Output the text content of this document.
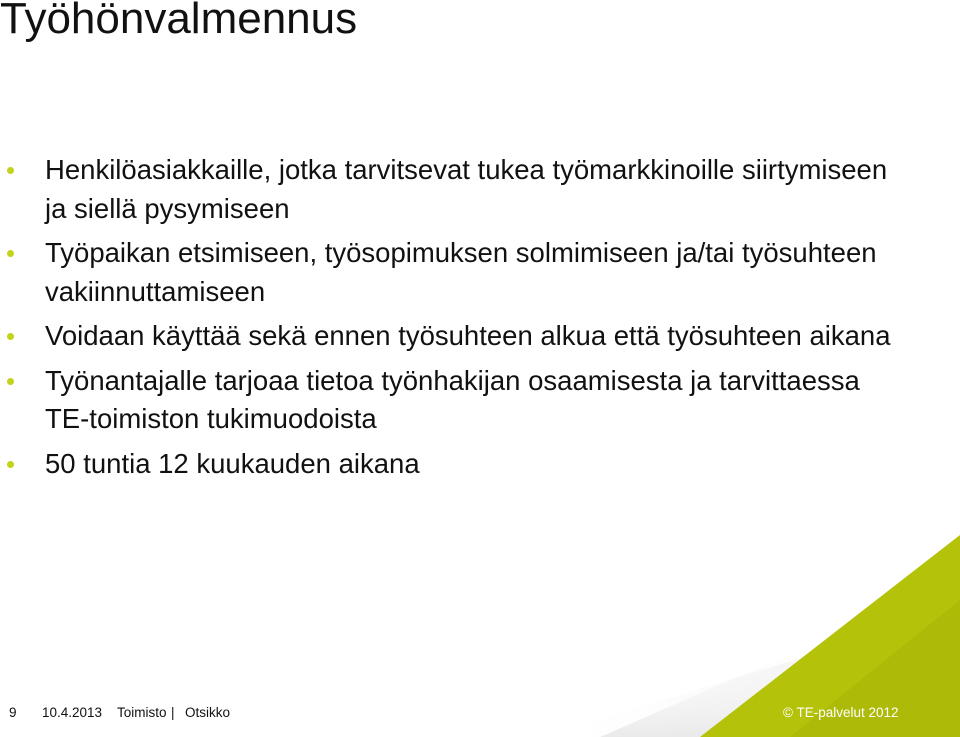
Työhönvalmennus
Henkilöasiakkaille, jotka tarvitsevat tukea työmarkkinoille siirtymiseen ja siellä pysymiseen
Työpaikan etsimiseen, työsopimuksen solmimiseen ja/tai työsuhteen vakiinnuttamiseen
Voidaan käyttää sekä ennen työsuhteen alkua että työsuhteen aikana
Työnantajalle tarjoaa tietoa työnhakijan osaamisesta ja tarvittaessa TE-toimiston tukimuodoista
50 tuntia 12 kuukauden aikana
9 10.4.2013 Toimisto | Otsikko	© TE-palvelut 2012
